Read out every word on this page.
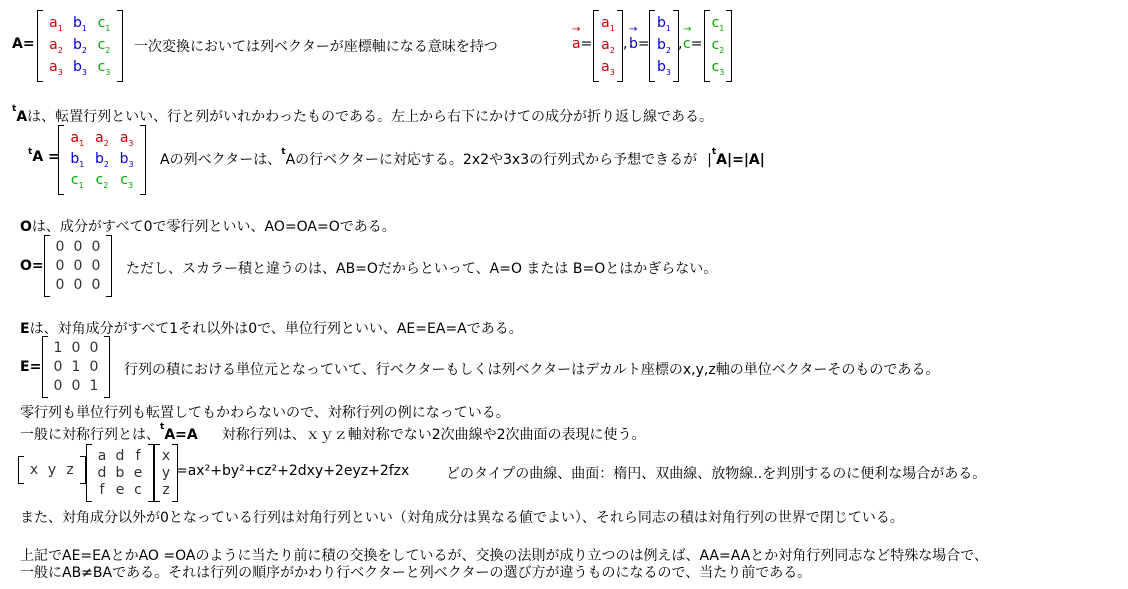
A=
$a_1$ $b_1$ $c_1$
$a_2$ $b_2$ $c_2$
$a_3$ $b_3$ $c_3$
一次変換においては列ベクターが座標軸になる意味を持つ	→ a=
$a_1$
$a_2$
$a_3$
, → b=
$b_1$
$b_2$
$b_3$
, → c=
$c_1$
$c_2$
$c_3$
$^t$Aは、転置行列といい、行と列がいれかわったものである。左上から右下にかけての成分が折り返し線である。
$^t$A =
$a_1$ $a_2$ $a_3$
$b_1$ $b_2$ $b_3$
$c_1$ $c_2$ $c_3$
Aの列ベクターは、$^t$Aの行ベクターに対応する。2x2や3x3の行列式から予想できるが $|^tA|=|A|$
Oは、成分がすべて0で零行列といい、AO=OA=Oである。
O=
0 0 0
0 0 0
0 0 0
ただし、スカラー積と違うのは、AB=Oだからといって、A=O または B=Oとはかぎらない。
Eは、対角成分がすべて1それ以外は0で、単位行列といい、AE=EA=Aである。
E=
1 0 0
0 1 0
0 0 1
行列の積における単位元となっていて、行ベクターもしくは列ベクターはデカルト座標のx,y,z軸の単位ベクターそのものである。
零行列も単位行列も転置してもかわらないので、対称行列の例になっている。
一般に対称行列とは、$^t$A=A 対称行列は、ｘｙｚ軸対称でない2次曲線や2次曲面の表現に使う。
x y z
a d f
d b e
f e c
x
y
z
=ax²+by²+cz²+2dxy+2eyz+2fzx	どのタイプの曲線、曲面：楕円、双曲線、放物線..を判別するのに便利な場合がある。
また、対角成分以外が0となっている行列は対角行列といい（対角成分は異なる値でよい）、それら同志の積は対角行列の世界で閉じている。
上記でAE=EAとかAO =OAのように当たり前に積の交換をしているが、交換の法則が成り立つのは例えば、AA=AAとか対角行列同志など特殊な場合で、
一般にAB≠BAである。それは行列の順序がかわり行ベクターと列ベクターの選び方が違うものになるので、当たり前である。
